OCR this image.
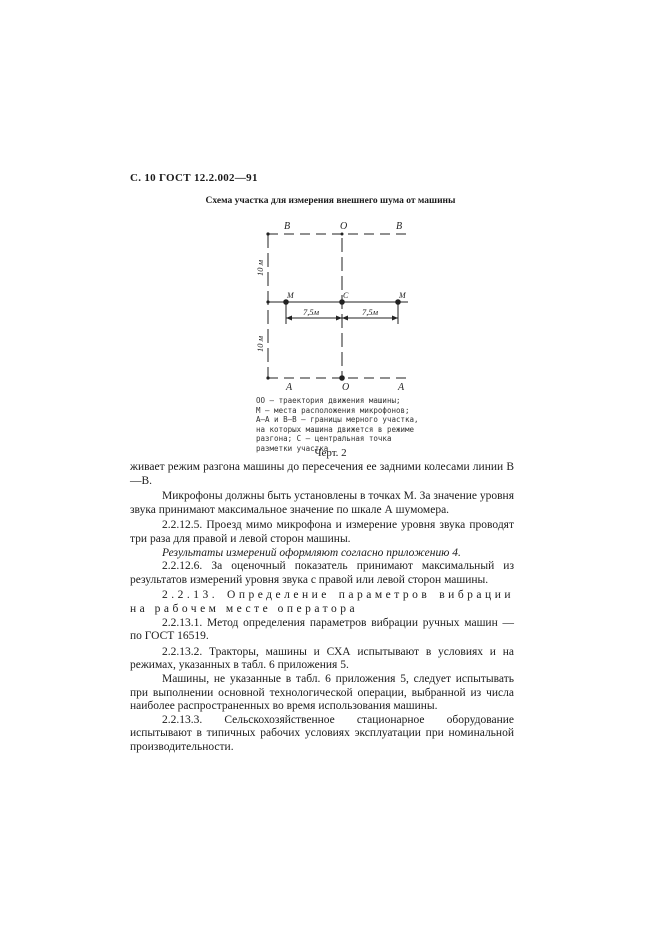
С. 10 ГОСТ 12.2.002—91
Схема участка для измерения внешнего шума от машины
В	О	В
А	О	А
М	С	М
7,5м	7,5м
10 м
10 м

ОО — траектория движения машины;

М — места расположения микрофонов;

А—А и В—В — границы мерного участка, на которых машина движется в режиме разгона; С — центральная точка разметки участка

Черт. 2

живает режим разгона машины до пересечения ее задними колесами линии В—В.

Микрофоны должны быть установлены в точках М. За значение уровня звука принимают максимальное значение по шкале А шумомера.

2.2.12.5. Проезд мимо микрофона и измерение уровня звука проводят три раза для правой и левой сторон машины.

Результаты измерений оформляют согласно приложению 4.

2.2.12.6. За оценочный показатель принимают максимальный из результатов измерений уровня звука с правой или левой сторон машины.

2.2.13. Определение параметров вибрации на рабочем месте оператора

2.2.13.1. Метод определения параметров вибрации ручных машин — по ГОСТ 16519.

2.2.13.2. Тракторы, машины и СХА испытывают в условиях и на режимах, указанных в табл. 6 приложения 5.

Машины, не указанные в табл. 6 приложения 5, следует испытывать при выполнении основной технологической операции, выбранной из числа наиболее распространенных во время использования машины.

2.2.13.3. Сельскохозяйственное стационарное оборудование испытывают в типичных рабочих условиях эксплуатации при номинальной производительности.
